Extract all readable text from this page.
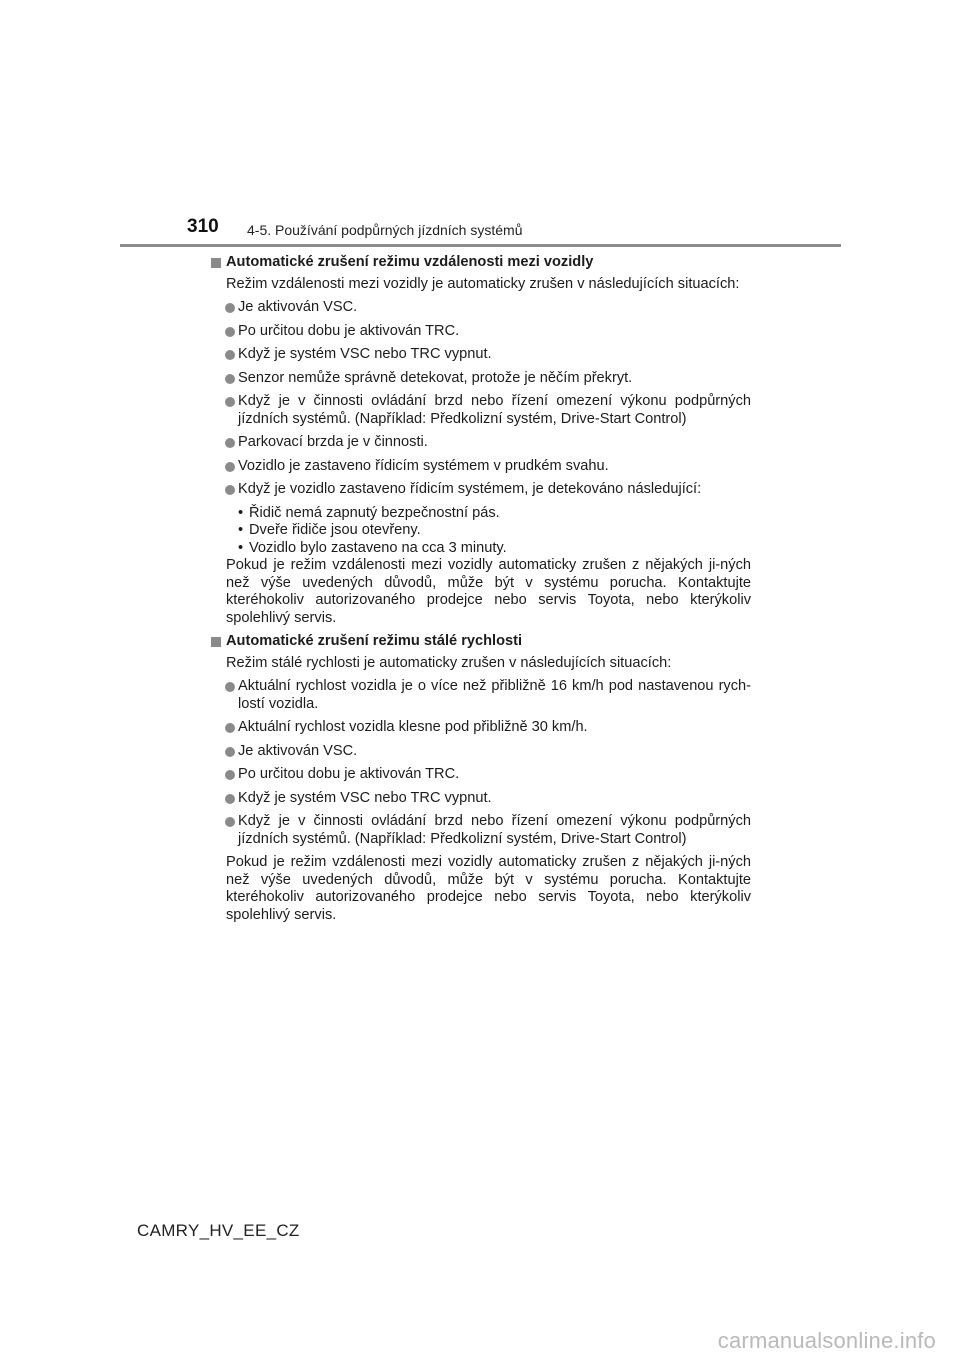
310 4-5. Používání podpůrných jízdních systémů
Automatické zrušení režimu vzdálenosti mezi vozidly
Režim vzdálenosti mezi vozidly je automaticky zrušen v následujících situacích:
Je aktivován VSC.
Po určitou dobu je aktivován TRC.
Když je systém VSC nebo TRC vypnut.
Senzor nemůže správně detekovat, protože je něčím překryt.
Když je v činnosti ovládání brzd nebo řízení omezení výkonu podpůrných jízdních systémů. (Například: Předkolizní systém, Drive-Start Control)
Parkovací brzda je v činnosti.
Vozidlo je zastaveno řídicím systémem v prudkém svahu.
Když je vozidlo zastaveno řídicím systémem, je detekováno následující:
• Řidič nemá zapnutý bezpečnostní pás.
• Dveře řidiče jsou otevřeny.
• Vozidlo bylo zastaveno na cca 3 minuty.
Pokud je režim vzdálenosti mezi vozidly automaticky zrušen z nějakých ji-ných než výše uvedených důvodů, může být v systému porucha. Kontaktujte kteréhokoliv autorizovaného prodejce nebo servis Toyota, nebo kterýkoliv spolehlivý servis.
Automatické zrušení režimu stálé rychlosti
Režim stálé rychlosti je automaticky zrušen v následujících situacích:
Aktuální rychlost vozidla je o více než přibližně 16 km/h pod nastavenou rych-lostí vozidla.
Aktuální rychlost vozidla klesne pod přibližně 30 km/h.
Je aktivován VSC.
Po určitou dobu je aktivován TRC.
Když je systém VSC nebo TRC vypnut.
Když je v činnosti ovládání brzd nebo řízení omezení výkonu podpůrných jízdních systémů. (Například: Předkolizní systém, Drive-Start Control)
Pokud je režim vzdálenosti mezi vozidly automaticky zrušen z nějakých ji-ných než výše uvedených důvodů, může být v systému porucha. Kontaktujte kteréhokoliv autorizovaného prodejce nebo servis Toyota, nebo kterýkoliv spolehlivý servis.
CAMRY_HV_EE_CZ
carmanualsonline.info
